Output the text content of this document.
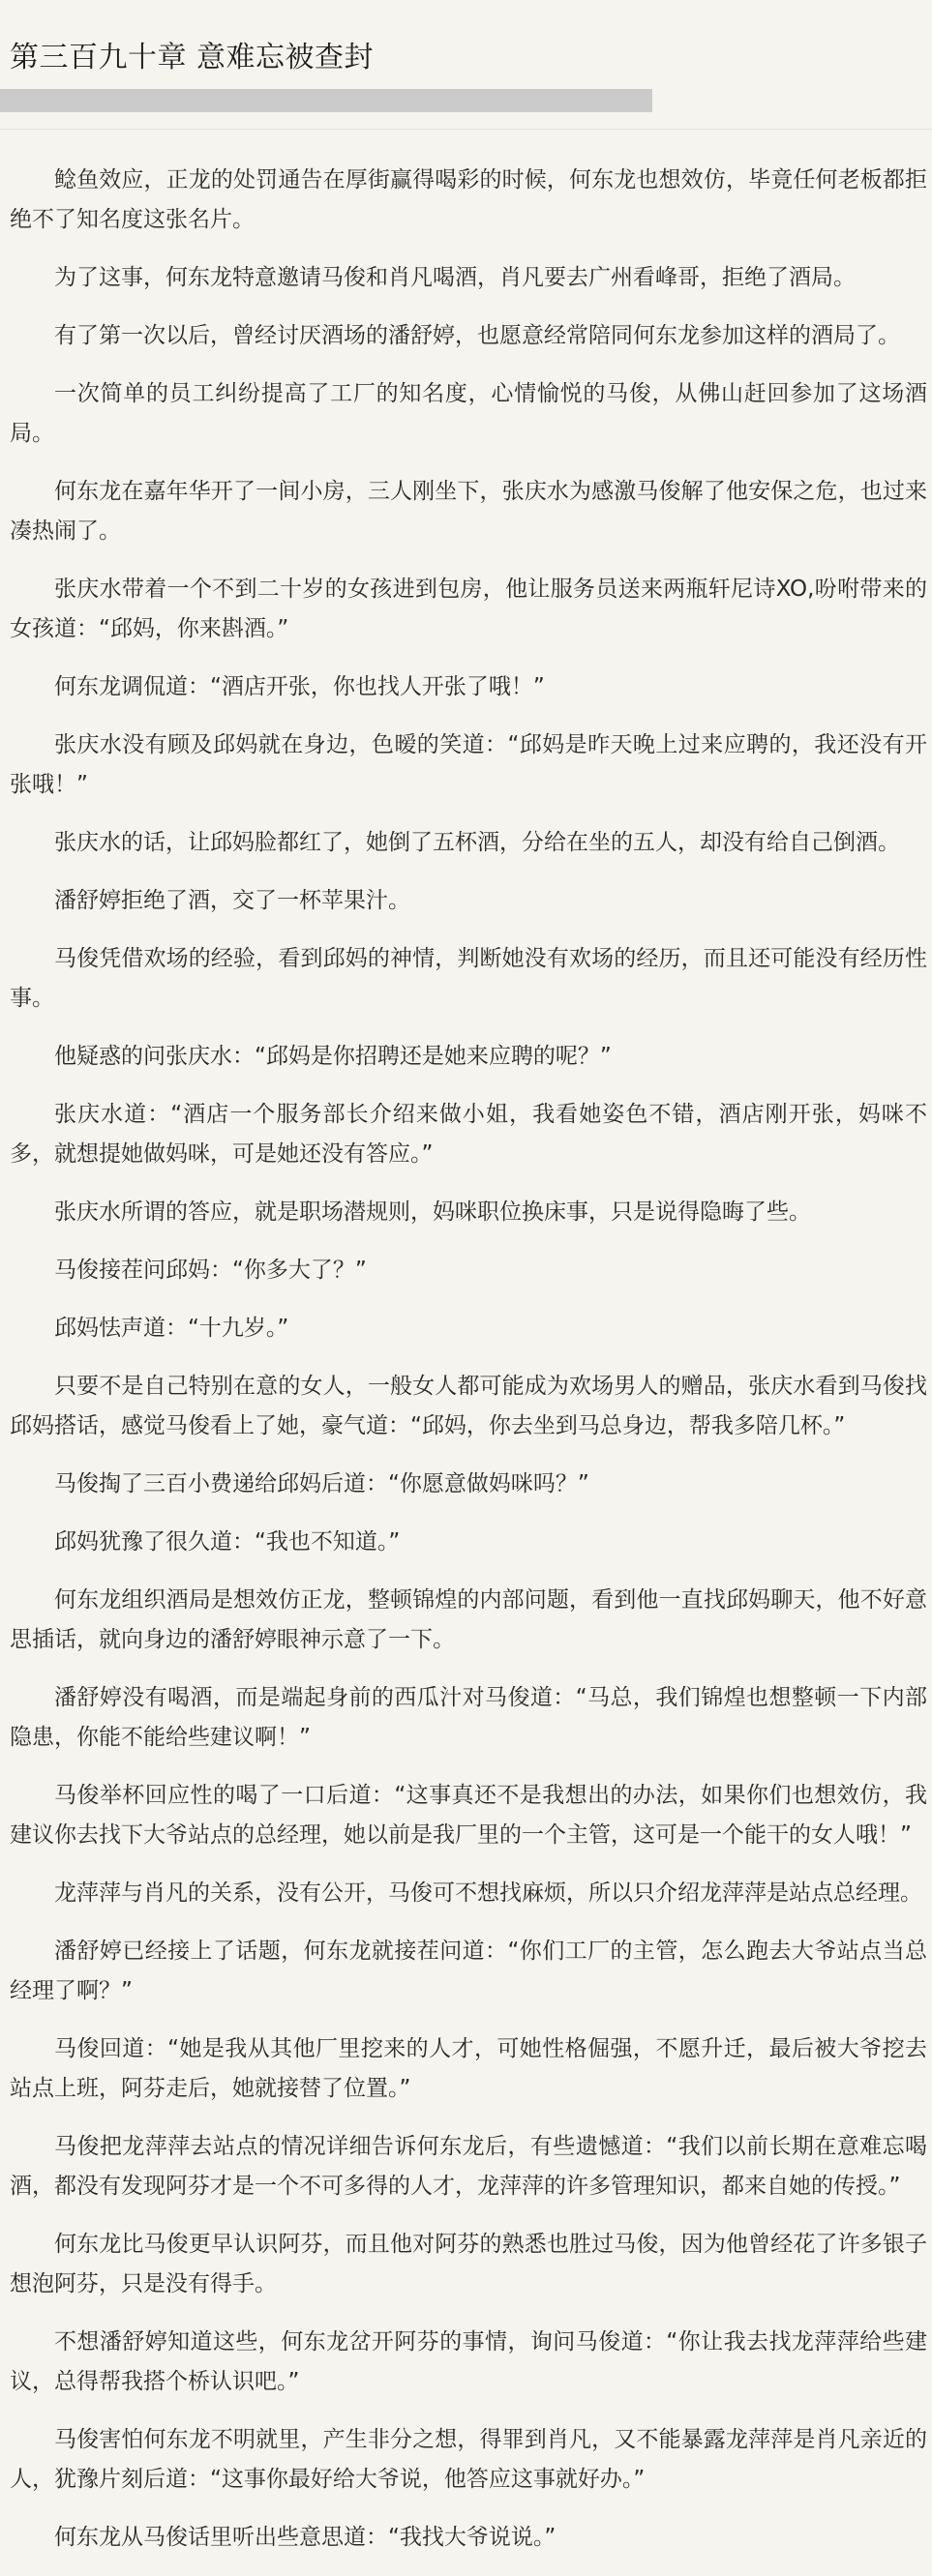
第三百九十章 意难忘被查封

鲶鱼效应，正龙的处罚通告在厚街赢得喝彩的时候，何东龙也想效仿，毕竟任何老板都拒绝不了知名度这张名片。

为了这事，何东龙特意邀请马俊和肖凡喝酒，肖凡要去广州看峰哥，拒绝了酒局。

有了第一次以后，曾经讨厌酒场的潘舒婷，也愿意经常陪同何东龙参加这样的酒局了。

一次简单的员工纠纷提高了工厂的知名度，心情愉悦的马俊，从佛山赶回参加了这场酒局。

何东龙在嘉年华开了一间小房，三人刚坐下，张庆水为感激马俊解了他安保之危，也过来凑热闹了。

张庆水带着一个不到二十岁的女孩进到包房，他让服务员送来两瓶轩尼诗XO,吩咐带来的女孩道：“邱妈，你来斟酒。”

何东龙调侃道：“酒店开张，你也找人开张了哦！”

张庆水没有顾及邱妈就在身边，色暧的笑道：“邱妈是昨天晚上过来应聘的，我还没有开张哦！”

张庆水的话，让邱妈脸都红了，她倒了五杯酒，分给在坐的五人，却没有给自己倒酒。

潘舒婷拒绝了酒，交了一杯苹果汁。

马俊凭借欢场的经验，看到邱妈的神情，判断她没有欢场的经历，而且还可能没有经历性事。

他疑惑的问张庆水：“邱妈是你招聘还是她来应聘的呢？”

张庆水道：“酒店一个服务部长介绍来做小姐，我看她姿色不错，酒店刚开张，妈咪不多，就想提她做妈咪，可是她还没有答应。”

张庆水所谓的答应，就是职场潜规则，妈咪职位换床事，只是说得隐晦了些。

马俊接茬问邱妈：“你多大了？”

邱妈怯声道：“十九岁。”

只要不是自己特别在意的女人，一般女人都可能成为欢场男人的赠品，张庆水看到马俊找邱妈搭话，感觉马俊看上了她，豪气道：“邱妈，你去坐到马总身边，帮我多陪几杯。”

马俊掏了三百小费递给邱妈后道：“你愿意做妈咪吗？”

邱妈犹豫了很久道：“我也不知道。”

何东龙组织酒局是想效仿正龙，整顿锦煌的内部问题，看到他一直找邱妈聊天，他不好意思插话，就向身边的潘舒婷眼神示意了一下。

潘舒婷没有喝酒，而是端起身前的西瓜汁对马俊道：“马总，我们锦煌也想整顿一下内部隐患，你能不能给些建议啊！”

马俊举杯回应性的喝了一口后道：“这事真还不是我想出的办法，如果你们也想效仿，我建议你去找下大爷站点的总经理，她以前是我厂里的一个主管，这可是一个能干的女人哦！”

龙萍萍与肖凡的关系，没有公开，马俊可不想找麻烦，所以只介绍龙萍萍是站点总经理。

潘舒婷已经接上了话题，何东龙就接茬问道：“你们工厂的主管，怎么跑去大爷站点当总经理了啊？”

马俊回道：“她是我从其他厂里挖来的人才，可她性格倔强，不愿升迁，最后被大爷挖去站点上班，阿芬走后，她就接替了位置。”

马俊把龙萍萍去站点的情况详细告诉何东龙后，有些遗憾道：“我们以前长期在意难忘喝酒，都没有发现阿芬才是一个不可多得的人才，龙萍萍的许多管理知识，都来自她的传授。”

何东龙比马俊更早认识阿芬，而且他对阿芬的熟悉也胜过马俊，因为他曾经花了许多银子想泡阿芬，只是没有得手。

不想潘舒婷知道这些，何东龙岔开阿芬的事情，询问马俊道：“你让我去找龙萍萍给些建议，总得帮我搭个桥认识吧。”

马俊害怕何东龙不明就里，产生非分之想，得罪到肖凡，又不能暴露龙萍萍是肖凡亲近的人，犹豫片刻后道：“这事你最好给大爷说，他答应这事就好办。”

何东龙从马俊话里听出些意思道：“我找大爷说说。”
